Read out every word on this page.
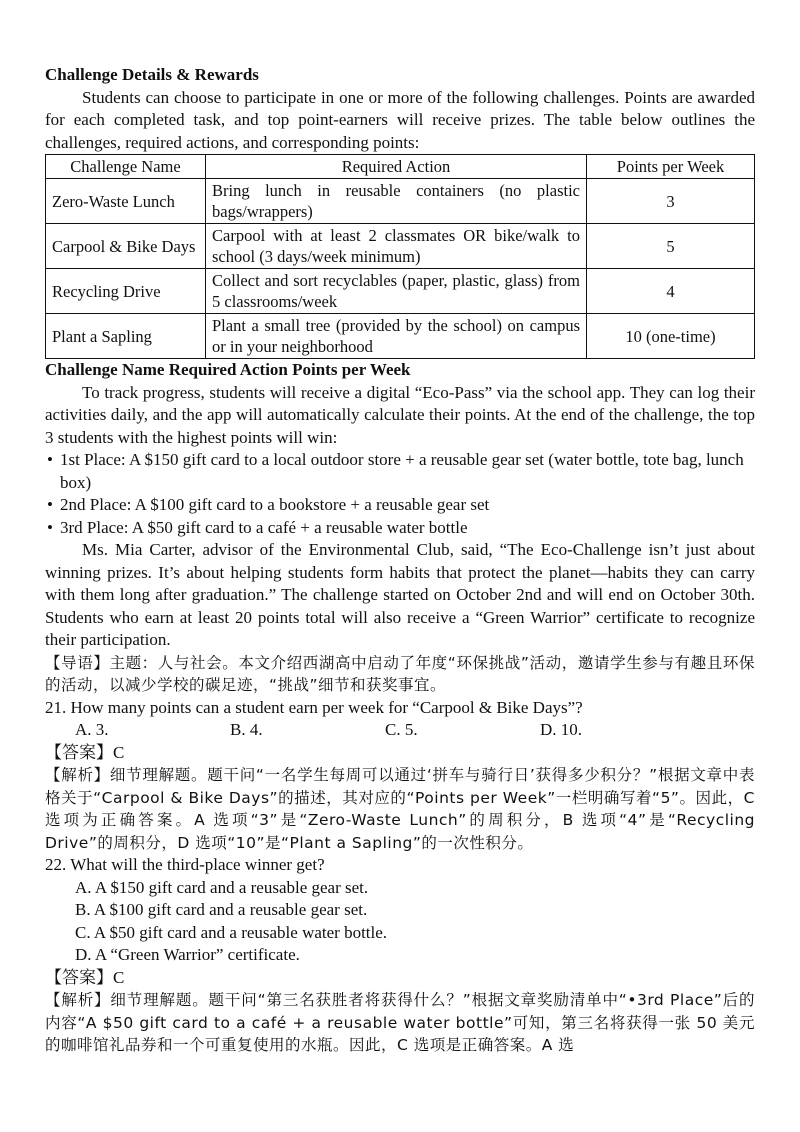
Challenge Details & Rewards

Students can choose to participate in one or more of the following challenges. Points are awarded for each completed task, and top point-earners will receive prizes. The table below outlines the challenges, required actions, and corresponding points:

Challenge Name	Required Action	Points per Week
Zero-Waste Lunch	Bring lunch in reusable containers (no plastic bags/wrappers)	3
Carpool & Bike Days	Carpool with at least 2 classmates OR bike/walk to school (3 days/week minimum)	5
Recycling Drive	Collect and sort recyclables (paper, plastic, glass) from 5 classrooms/week	4
Plant a Sapling	Plant a small tree (provided by the school) on campus or in your neighborhood	10 (one-time)
Challenge Name Required Action Points per Week

To track progress, students will receive a digital “Eco-Pass” via the school app. They can log their activities daily, and the app will automatically calculate their points. At the end of the challenge, the top 3 students with the highest points will win:

• 1st Place: A $150 gift card to a local outdoor store + a reusable gear set (water bottle, tote bag, lunch box)
• 2nd Place: A $100 gift card to a bookstore + a reusable gear set
• 3rd Place: A $50 gift card to a café + a reusable water bottle

Ms. Mia Carter, advisor of the Environmental Club, said, “The Eco-Challenge isn’t just about winning prizes. It’s about helping students form habits that protect the planet—habits they can carry with them long after graduation.” The challenge started on October 2nd and will end on October 30th. Students who earn at least 20 points total will also receive a “Green Warrior” certificate to recognize their participation.

【导语】主题：人与社会。本文介绍西湖高中启动了年度“环保挑战”活动，邀请学生参与有趣且环保的活动，以减少学校的碳足迹，“挑战”细节和获奖事宜。

21. How many points can a student earn per week for “Carpool & Bike Days”?

A. 3.	B. 4.	C. 5.	D. 10.

【答案】C

【解析】细节理解题。题干问“一名学生每周可以通过‘拼车与骑行日’获得多少积分？”根据文章中表格关于“Carpool & Bike Days”的描述，其对应的“Points per Week”一栏明确写着“5”。因此，C 选项为正确答案。A 选项“3”是“Zero-Waste Lunch”的周积分，B 选项“4”是“Recycling Drive”的周积分，D 选项“10”是“Plant a Sapling”的一次性积分。

22. What will the third-place winner get?

A. A $150 gift card and a reusable gear set.
B. A $100 gift card and a reusable gear set.
C. A $50 gift card and a reusable water bottle.
D. A “Green Warrior” certificate.

【答案】C

【解析】细节理解题。题干问“第三名获胜者将获得什么？”根据文章奖励清单中“•3rd Place”后的内容“A $50 gift card to a café + a reusable water bottle”可知，第三名将获得一张 50 美元的咖啡馆礼品券和一个可重复使用的水瓶。因此，C 选项是正确答案。A 选
